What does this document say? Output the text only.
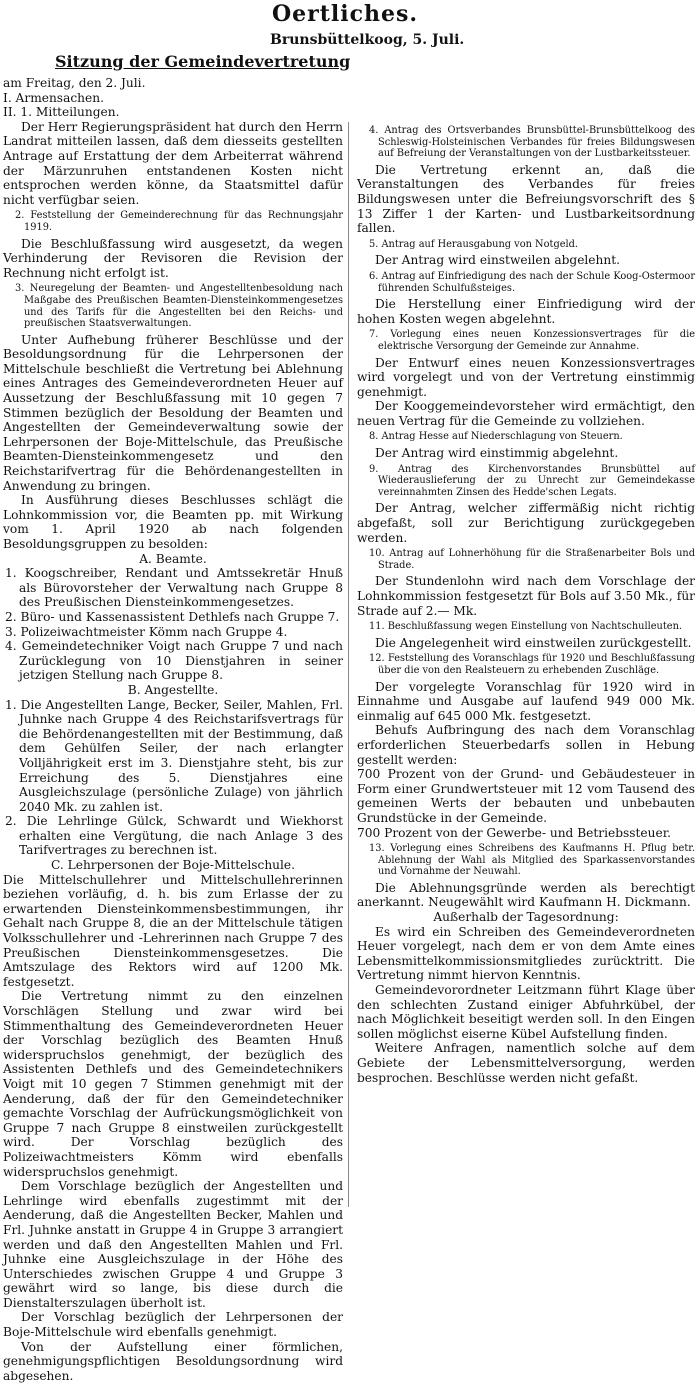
Oertliches.
Brunsbüttelkoog, 5. Juli.
Sitzung der Gemeindevertretung

am Freitag, den 2. Juli.

I. Armensachen.

II. 1. Mitteilungen.

Der Herr Regierungspräsident hat durch den Herrn Landrat mitteilen lassen, daß dem diesseits gestellten Antrage auf Erstattung der dem Arbeiterrat während der Märzunruhen entstandenen Kosten nicht entsprochen werden könne, da Staatsmittel dafür nicht verfügbar seien.

2. Feststellung der Gemeinderechnung für das Rechnungsjahr 1919.

Die Beschlußfassung wird ausgesetzt, da wegen Verhinderung der Revisoren die Revision der Rechnung nicht erfolgt ist.

3. Neuregelung der Beamten- und Angestelltenbesoldung nach Maßgabe des Preußischen Beamten-Diensteinkommengesetzes und des Tarifs für die Angestellten bei den Reichs- und preußischen Staatsverwaltungen.

Unter Aufhebung früherer Beschlüsse und der Besoldungsordnung für die Lehrpersonen der Mittelschule beschließt die Vertretung bei Ablehnung eines Antrages des Gemeindeverordneten Heuer auf Aussetzung der Beschlußfassung mit 10 gegen 7 Stimmen bezüglich der Besoldung der Beamten und Angestellten der Gemeindeverwaltung sowie der Lehrpersonen der Boje-Mittelschule, das Preußische Beamten-Diensteinkommengesetz und den Reichstarifvertrag für die Behördenangestellten in Anwendung zu bringen.

In Ausführung dieses Beschlusses schlägt die Lohnkommission vor, die Beamten pp. mit Wirkung vom 1. April 1920 ab nach folgenden Besoldungsgruppen zu besolden:

A. Beamte.

1. Koogschreiber, Rendant und Amtssekretär Hnuß als Bürovorsteher der Verwaltung nach Gruppe 8 des Preußischen Diensteinkommengesetzes.

2. Büro- und Kassenassistent Dethlefs nach Gruppe 7.

3. Polizeiwachtmeister Kömm nach Gruppe 4.

4. Gemeindetechniker Voigt nach Gruppe 7 und nach Zurücklegung von 10 Dienstjahren in seiner jetzigen Stellung nach Gruppe 8.

B. Angestellte.

1. Die Angestellten Lange, Becker, Seiler, Mahlen, Frl. Juhnke nach Gruppe 4 des Reichstarifsvertrags für die Behördenangestellten mit der Bestimmung, daß dem Gehülfen Seiler, der nach erlangter Volljährigkeit erst im 3. Dienstjahre steht, bis zur Erreichung des 5. Dienstjahres eine Ausgleichszulage (persönliche Zulage) von jährlich 2040 Mk. zu zahlen ist.

2. Die Lehrlinge Gülck, Schwardt und Wiekhorst erhalten eine Vergütung, die nach Anlage 3 des Tarifvertrages zu berechnen ist.

C. Lehrpersonen der Boje-Mittelschule.

Die Mittelschullehrer und Mittelschullehrerinnen beziehen vorläufig, d. h. bis zum Erlasse der zu erwartenden Diensteinkommensbestimmungen, ihr Gehalt nach Gruppe 8, die an der Mittelschule tätigen Volksschullehrer und -Lehrerinnen nach Gruppe 7 des Preußischen Diensteinkommensgesetzes. Die Amtszulage des Rektors wird auf 1200 Mk. festgesetzt.

Die Vertretung nimmt zu den einzelnen Vorschlägen Stellung und zwar wird bei Stimmenthaltung des Gemeindeverordneten Heuer der Vorschlag bezüglich des Beamten Hnuß widerspruchslos genehmigt, der bezüglich des Assistenten Dethlefs und des Gemeindetechnikers Voigt mit 10 gegen 7 Stimmen genehmigt mit der Aenderung, daß der für den Gemeindetechniker gemachte Vorschlag der Aufrückungsmöglichkeit von Gruppe 7 nach Gruppe 8 einstweilen zurückgestellt wird. Der Vorschlag bezüglich des Polizeiwachtmeisters Kömm wird ebenfalls widerspruchslos genehmigt.

Dem Vorschlage bezüglich der Angestellten und Lehrlinge wird ebenfalls zugestimmt mit der Aenderung, daß die Angestellten Becker, Mahlen und Frl. Juhnke anstatt in Gruppe 4 in Gruppe 3 arrangiert werden und daß den Angestellten Mahlen und Frl. Juhnke eine Ausgleichszulage in der Höhe des Unterschiedes zwischen Gruppe 4 und Gruppe 3 gewährt wird so lange, bis diese durch die Dienstalterszulagen überholt ist.

Der Vorschlag bezüglich der Lehrpersonen der Boje-Mittelschule wird ebenfalls genehmigt.

Von der Aufstellung einer förmlichen, genehmigungspflichtigen Besoldungsordnung wird abgesehen.

4. Antrag des Ortsverbandes Brunsbüttel-Brunsbüttelkoog des Schleswig-Holsteinischen Verbandes für freies Bildungswesen auf Befreiung der Veranstaltungen von der Lustbarkeitssteuer.

Die Vertretung erkennt an, daß die Veranstaltungen des Verbandes für freies Bildungswesen unter die Befreiungsvorschrift des § 13 Ziffer 1 der Karten- und Lustbarkeitsordnung fallen.

5. Antrag auf Herausgabung von Notgeld.

Der Antrag wird einstweilen abgelehnt.

6. Antrag auf Einfriedigung des nach der Schule Koog-Ostermoor führenden Schulfußsteiges.

Die Herstellung einer Einfriedigung wird der hohen Kosten wegen abgelehnt.

7. Vorlegung eines neuen Konzessionsvertrages für die elektrische Versorgung der Gemeinde zur Annahme.

Der Entwurf eines neuen Konzessionsvertrages wird vorgelegt und von der Vertretung einstimmig genehmigt.

Der Kooggemeindevorsteher wird ermächtigt, den neuen Vertrag für die Gemeinde zu vollziehen.

8. Antrag Hesse auf Niederschlagung von Steuern.

Der Antrag wird einstimmig abgelehnt.

9. Antrag des Kirchenvorstandes Brunsbüttel auf Wiederauslieferung der zu Unrecht zur Gemeindekasse vereinnahmten Zinsen des Hedde'schen Legats.

Der Antrag, welcher ziffermäßig nicht richtig abgefaßt, soll zur Berichtigung zurückgegeben werden.

10. Antrag auf Lohnerhöhung für die Straßenarbeiter Bols und Strade.

Der Stundenlohn wird nach dem Vorschlage der Lohnkommission festgesetzt für Bols auf 3.50 Mk., für Strade auf 2.— Mk.

11. Beschlußfassung wegen Einstellung von Nachtschulleuten.

Die Angelegenheit wird einstweilen zurückgestellt.

12. Feststellung des Voranschlags für 1920 und Beschlußfassung über die von den Realsteuern zu erhebenden Zuschläge.

Der vorgelegte Voranschlag für 1920 wird in Einnahme und Ausgabe auf laufend 949 000 Mk. einmalig auf 645 000 Mk. festgesetzt.

Behufs Aufbringung des nach dem Voranschlag erforderlichen Steuerbedarfs sollen in Hebung gestellt werden:

700 Prozent von der Grund- und Gebäudesteuer in Form einer Grundwertsteuer mit 12 vom Tausend des gemeinen Werts der bebauten und unbebauten Grundstücke in der Gemeinde.

700 Prozent von der Gewerbe- und Betriebssteuer.

13. Vorlegung eines Schreibens des Kaufmanns H. Pflug betr. Ablehnung der Wahl als Mitglied des Sparkassenvorstandes und Vornahme der Neuwahl.

Die Ablehnungsgründe werden als berechtigt anerkannt. Neugewählt wird Kaufmann H. Dickmann.

Außerhalb der Tagesordnung:

Es wird ein Schreiben des Gemeindeverordneten Heuer vorgelegt, nach dem er von dem Amte eines Lebensmittelkommissionsmitgliedes zurücktritt. Die Vertretung nimmt hiervon Kenntnis.

Gemeindevorordneter Leitzmann führt Klage über den schlechten Zustand einiger Abfuhrkübel, der nach Möglichkeit beseitigt werden soll. In den Eingen sollen möglichst eiserne Kübel Aufstellung finden.

Weitere Anfragen, namentlich solche auf dem Gebiete der Lebensmittelversorgung, werden besprochen. Beschlüsse werden nicht gefaßt.
